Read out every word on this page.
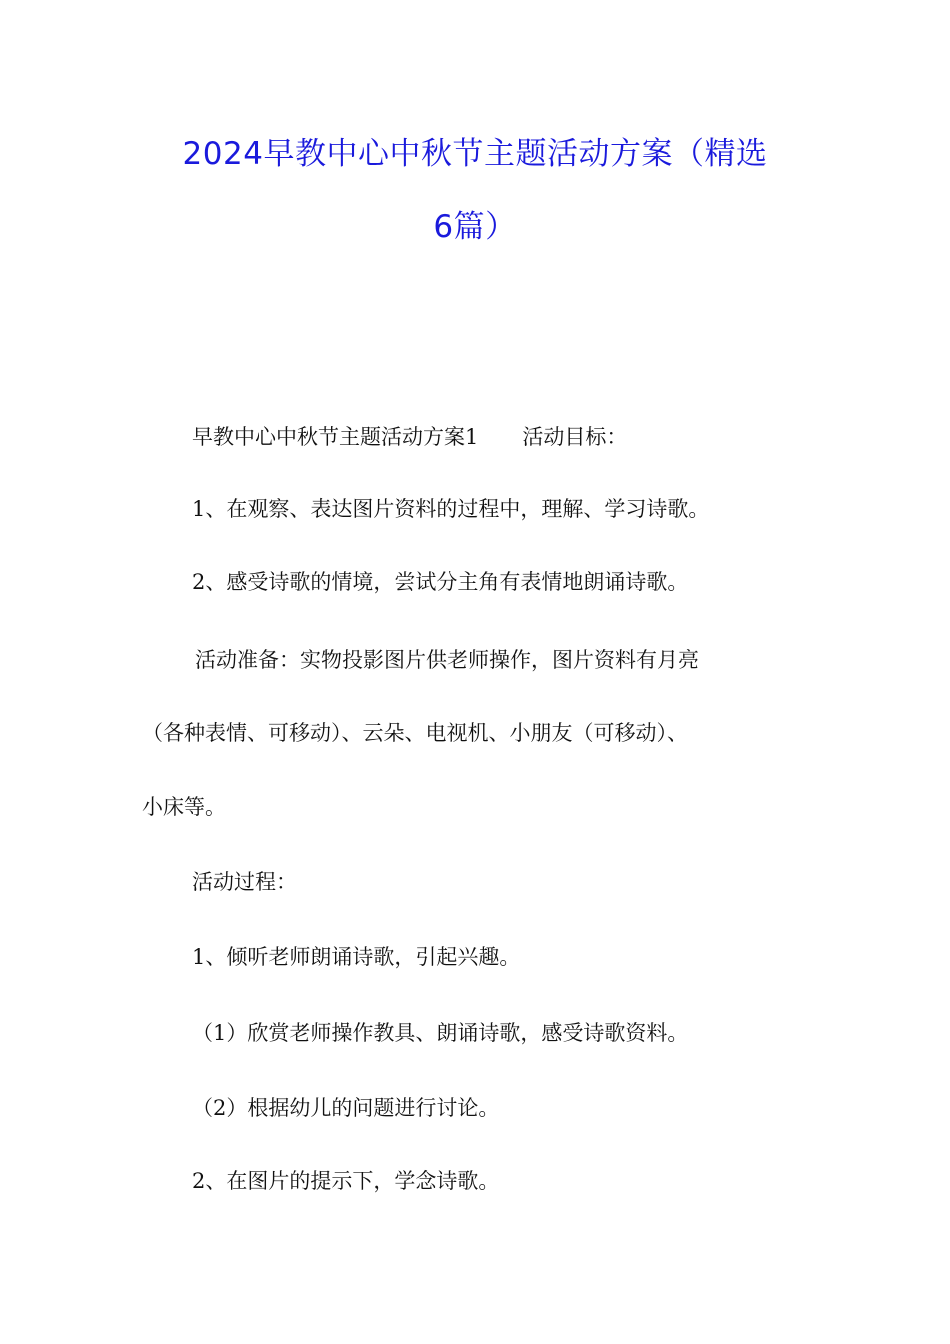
2024早教中心中秋节主题活动方案（精选
6篇）
早教中心中秋节主题活动方案1 活动目标：
1、在观察、表达图片资料的过程中，理解、学习诗歌。
2、感受诗歌的情境，尝试分主角有表情地朗诵诗歌。
活动准备：实物投影图片供老师操作，图片资料有月亮
（各种表情、可移动）、云朵、电视机、小朋友（可移动）、
小床等。
活动过程：
1、倾听老师朗诵诗歌，引起兴趣。
（1）欣赏老师操作教具、朗诵诗歌，感受诗歌资料。
（2）根据幼儿的问题进行讨论。
2、在图片的提示下，学念诗歌。
